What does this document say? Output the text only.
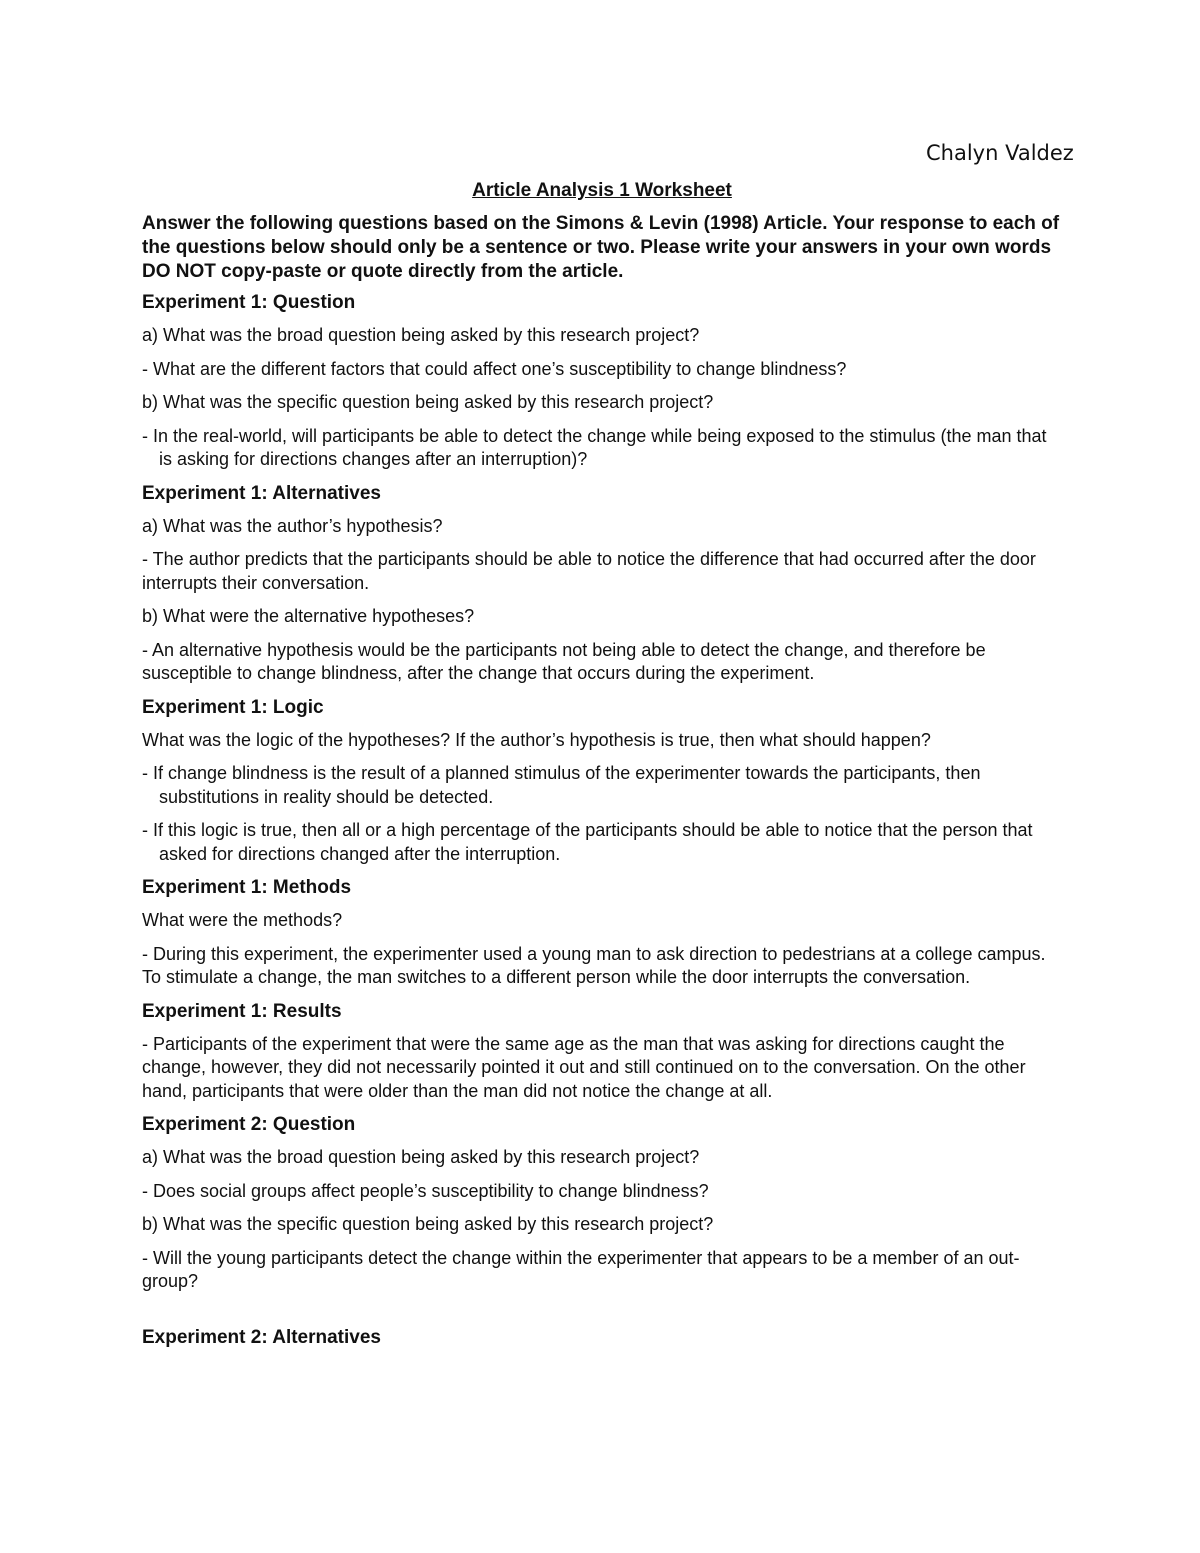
Chalyn Valdez

Article Analysis 1 Worksheet

Answer the following questions based on the Simons & Levin (1998) Article. Your response to each of the questions below should only be a sentence or two. Please write your answers in your own words DO NOT copy-paste or quote directly from the article.

Experiment 1: Question

a) What was the broad question being asked by this research project?

- What are the different factors that could affect one’s susceptibility to change blindness?

b) What was the specific question being asked by this research project?

- In the real-world, will participants be able to detect the change while being exposed to the stimulus (the man that is asking for directions changes after an interruption)?

Experiment 1: Alternatives

a) What was the author’s hypothesis?

- The author predicts that the participants should be able to notice the difference that had occurred after the door interrupts their conversation.

b) What were the alternative hypotheses?

- An alternative hypothesis would be the participants not being able to detect the change, and therefore be susceptible to change blindness, after the change that occurs during the experiment.

Experiment 1: Logic

What was the logic of the hypotheses? If the author’s hypothesis is true, then what should happen?

- If change blindness is the result of a planned stimulus of the experimenter towards the participants, then substitutions in reality should be detected.

- If this logic is true, then all or a high percentage of the participants should be able to notice that the person that asked for directions changed after the interruption.

Experiment 1: Methods

What were the methods?

- During this experiment, the experimenter used a young man to ask direction to pedestrians at a college campus. To stimulate a change, the man switches to a different person while the door interrupts the conversation.

Experiment 1: Results

- Participants of the experiment that were the same age as the man that was asking for directions caught the change, however, they did not necessarily pointed it out and still continued on to the conversation. On the other hand, participants that were older than the man did not notice the change at all.

Experiment 2: Question

a) What was the broad question being asked by this research project?

- Does social groups affect people’s susceptibility to change blindness?

b) What was the specific question being asked by this research project?

- Will the young participants detect the change within the experimenter that appears to be a member of an out-group?

Experiment 2: Alternatives
